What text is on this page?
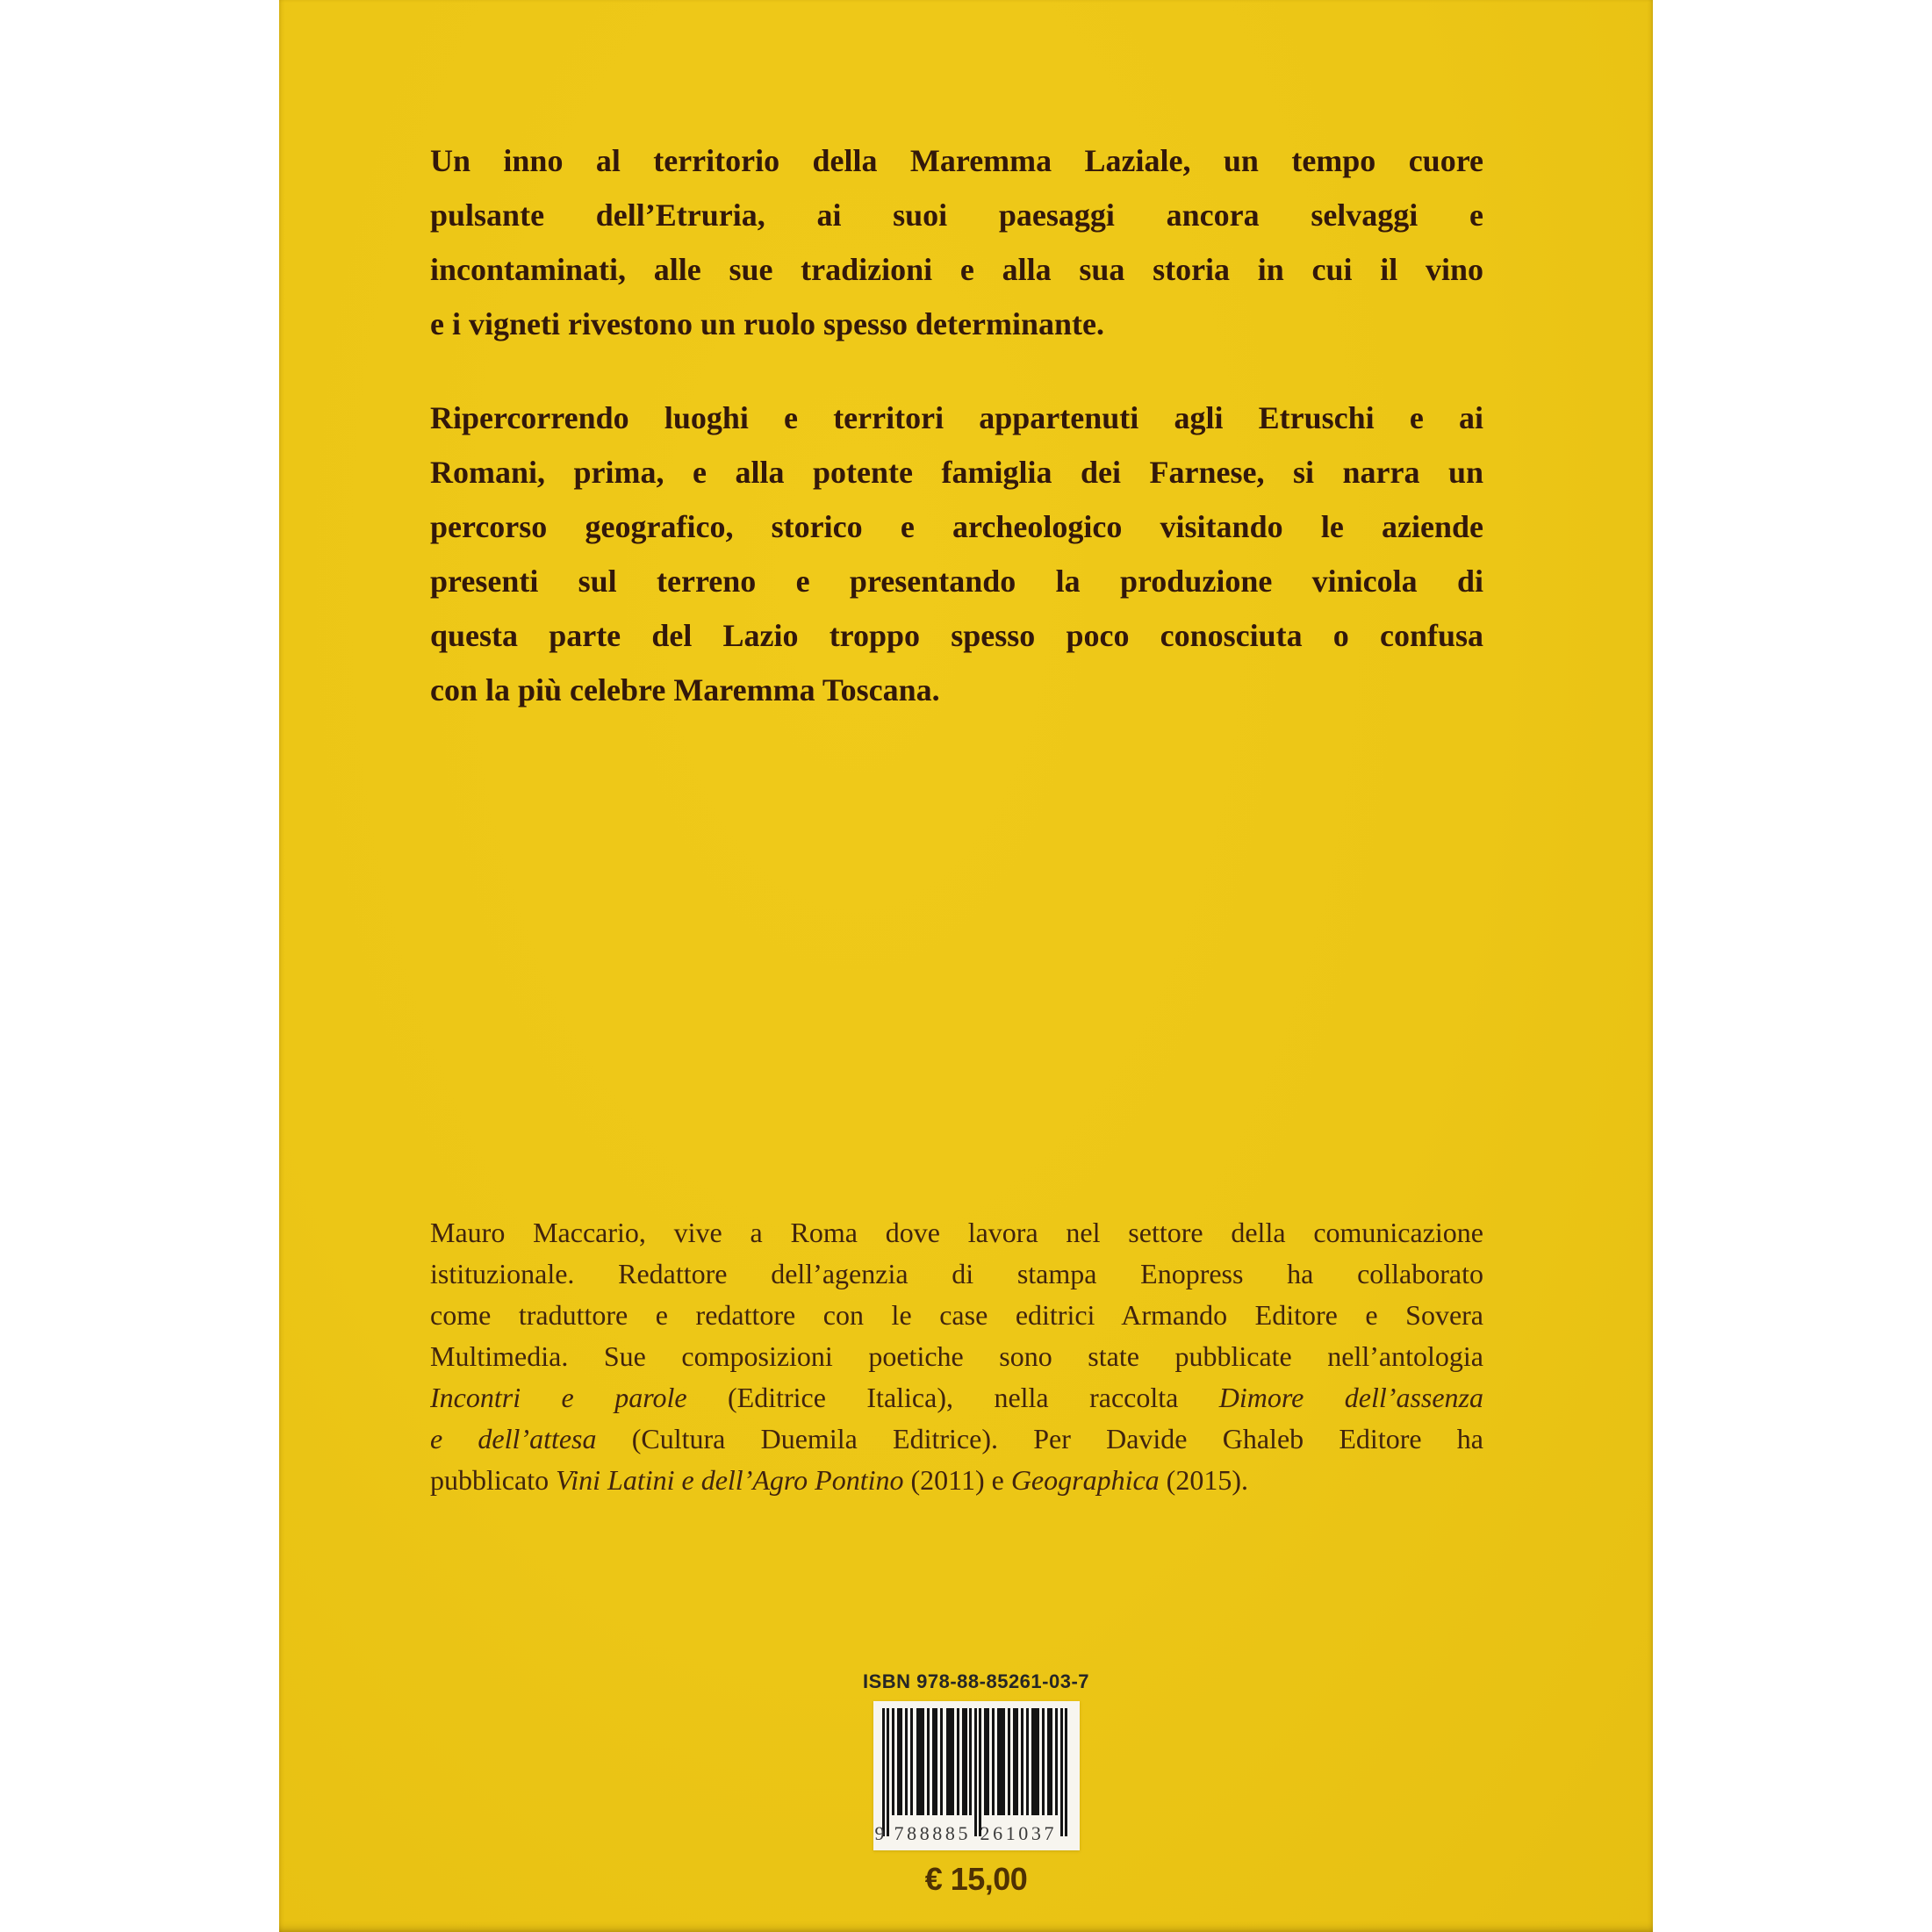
Un inno al territorio della Maremma Laziale, un tempo cuore
pulsante dell’Etruria, ai suoi paesaggi ancora selvaggi e
incontaminati, alle sue tradizioni e alla sua storia in cui il vino
e i vigneti rivestono un ruolo spesso determinante.
Ripercorrendo luoghi e territori appartenuti agli Etruschi e ai
Romani, prima, e alla potente famiglia dei Farnese, si narra un
percorso geografico, storico e archeologico visitando le aziende
presenti sul terreno e presentando la produzione vinicola di
questa parte del Lazio troppo spesso poco conosciuta o confusa
con la più celebre Maremma Toscana.
Mauro Maccario, vive a Roma dove lavora nel settore della comunicazione
istituzionale. Redattore dell’agenzia di stampa Enopress ha collaborato
come traduttore e redattore con le case editrici Armando Editore e Sovera
Multimedia. Sue composizioni poetiche sono state pubblicate nell’antologia
Incontri e parole (Editrice Italica), nella raccolta Dimore dell’assenza
e dell’attesa (Cultura Duemila Editrice). Per Davide Ghaleb Editore ha
pubblicato Vini Latini e dell’Agro Pontino (2011) e Geographica (2015).
ISBN 978-88-85261-03-7
9 7 8 8 8 8 5 2 6 1 0 3 7
€ 15,00
